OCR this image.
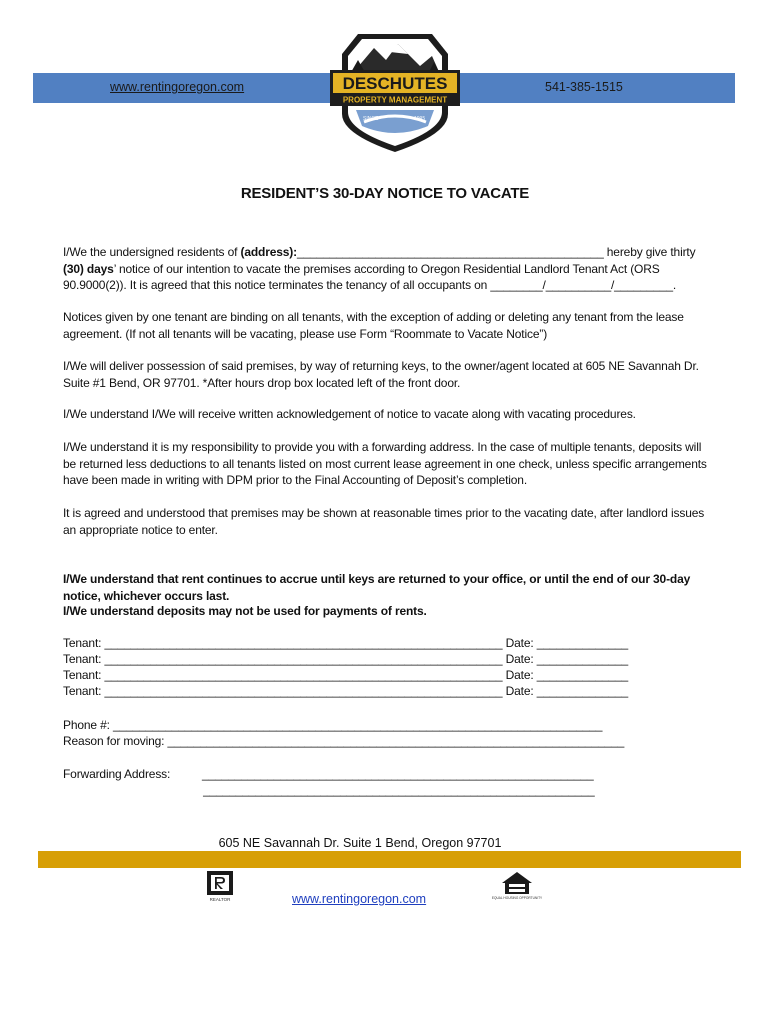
www.rentingoregon.com	541-385-1515
DESCHUTES
PROPERTY MANAGEMENT
SINCE	1995
RESIDENT’S 30-DAY NOTICE TO VACATE
I/We the undersigned residents of (address):_______________________________________________ hereby give thirty (30) days’ notice of our intention to vacate the premises according to Oregon Residential Landlord Tenant Act (ORS 90.9000(2)). It is agreed that this notice terminates the tenancy of all occupants on ________/__________/_________.
Notices given by one tenant are binding on all tenants, with the exception of adding or deleting any tenant from the lease agreement. (If not all tenants will be vacating, please use Form “Roommate to Vacate Notice”)
I/We will deliver possession of said premises, by way of returning keys, to the owner/agent located at 605 NE Savannah Dr. Suite #1 Bend, OR 97701. *After hours drop box located left of the front door.
I/We understand I/We will receive written acknowledgement of notice to vacate along with vacating procedures.
I/We understand it is my responsibility to provide you with a forwarding address. In the case of multiple tenants, deposits will be returned less deductions to all tenants listed on most current lease agreement in one check, unless specific arrangements have been made in writing with DPM prior to the Final Accounting of Deposit’s completion.
It is agreed and understood that premises may be shown at reasonable times prior to the vacating date, after landlord issues an appropriate notice to enter.
I/We understand that rent continues to accrue until keys are returned to your office, or until the end of our 30-day notice, whichever occurs last.
I/We understand deposits may not be used for payments of rents.
Tenant: _____________________________________________________________ Date: ______________
Tenant: _____________________________________________________________ Date: ______________
Tenant: _____________________________________________________________ Date: ______________
Tenant: _____________________________________________________________ Date: ______________
Phone #: ___________________________________________________________________________
Reason for moving: ______________________________________________________________________
Forwarding Address:          ____________________________________________________________
____________________________________________________________
605 NE Savannah Dr. Suite 1 Bend, Oregon 97701
REALTOR	www.rentingoregon.com	EQUAL HOUSING OPPORTUNITY
